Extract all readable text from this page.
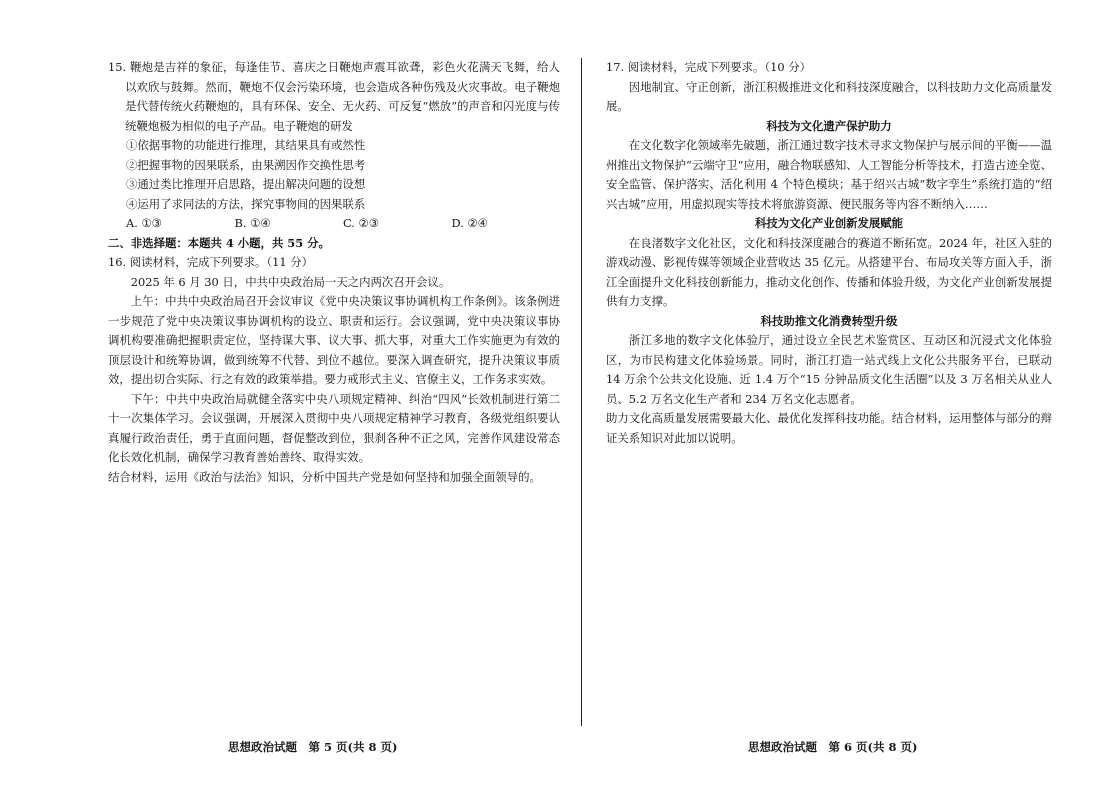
15. 鞭炮是吉祥的象征，每逢佳节、喜庆之日鞭炮声震耳欲聋，彩色火花满天飞舞，给人以欢欣与鼓舞。然而，鞭炮不仅会污染环境，也会造成各种伤残及火灾事故。电子鞭炮是代替传统火药鞭炮的，具有环保、安全、无火药、可反复“燃放”的声音和闪光度与传统鞭炮极为相似的电子产品。电子鞭炮的研发

①依据事物的功能进行推理，其结果具有或然性

②把握事物的因果联系，由果溯因作交换性思考

③通过类比推理开启思路，提出解决问题的设想

④运用了求同法的方法，探究事物间的因果联系

A. ①③	B. ①④	C. ②③	D. ②④

二、非选择题：本题共 4 小题，共 55 分。

16. 阅读材料，完成下列要求。（11 分）

2025 年 6 月 30 日，中共中央政治局一天之内两次召开会议。

上午：中共中央政治局召开会议审议《党中央决策议事协调机构工作条例》。该条例进一步规范了党中央决策议事协调机构的设立、职责和运行。会议强调，党中央决策议事协调机构要准确把握职责定位，坚持谋大事、议大事、抓大事，对重大工作实施更为有效的顶层设计和统筹协调，做到统筹不代替、到位不越位。要深入调查研究，提升决策议事质效，提出切合实际、行之有效的政策举措。要力戒形式主义、官僚主义，工作务求实效。

下午：中共中央政治局就健全落实中央八项规定精神、纠治“四风”长效机制进行第二十一次集体学习。会议强调，开展深入贯彻中央八项规定精神学习教育，各级党组织要认真履行政治责任，勇于直面问题，督促整改到位，狠刹各种不正之风，完善作风建设常态化长效化机制，确保学习教育善始善终、取得实效。

结合材料，运用《政治与法治》知识，分析中国共产党是如何坚持和加强全面领导的。

17. 阅读材料，完成下列要求。（10 分）

因地制宜、守正创新，浙江积极推进文化和科技深度融合，以科技助力文化高质量发展。

科技为文化遗产保护助力

在文化数字化领域率先破题，浙江通过数字技术寻求文物保护与展示间的平衡——温州推出文物保护“云端守卫”应用，融合物联感知、人工智能分析等技术，打造古迹全览、安全监管、保护落实、活化利用 4 个特色模块；基于绍兴古城“数字孪生”系统打造的“绍兴古城”应用，用虚拟现实等技术将旅游资源、便民服务等内容不断纳入……

科技为文化产业创新发展赋能

在良渚数字文化社区，文化和科技深度融合的赛道不断拓宽。2024 年，社区入驻的游戏动漫、影视传媒等领域企业营收达 35 亿元。从搭建平台、布局攻关等方面入手，浙江全面提升文化科技创新能力，推动文化创作、传播和体验升级，为文化产业创新发展提供有力支撑。

科技助推文化消费转型升级

浙江多地的数字文化体验厅，通过设立全民艺术鉴赏区、互动区和沉浸式文化体验区，为市民构建文化体验场景。同时，浙江打造一站式线上文化公共服务平台，已联动 14 万余个公共文化设施、近 1.4 万个“15 分钟品质文化生活圈”以及 3 万名相关从业人员、5.2 万名文化生产者和 234 万名文化志愿者。

助力文化高质量发展需要最大化、最优化发挥科技功能。结合材料，运用整体与部分的辩证关系知识对此加以说明。

思想政治试题　第 5 页(共 8 页)	思想政治试题　第 6 页(共 8 页)
